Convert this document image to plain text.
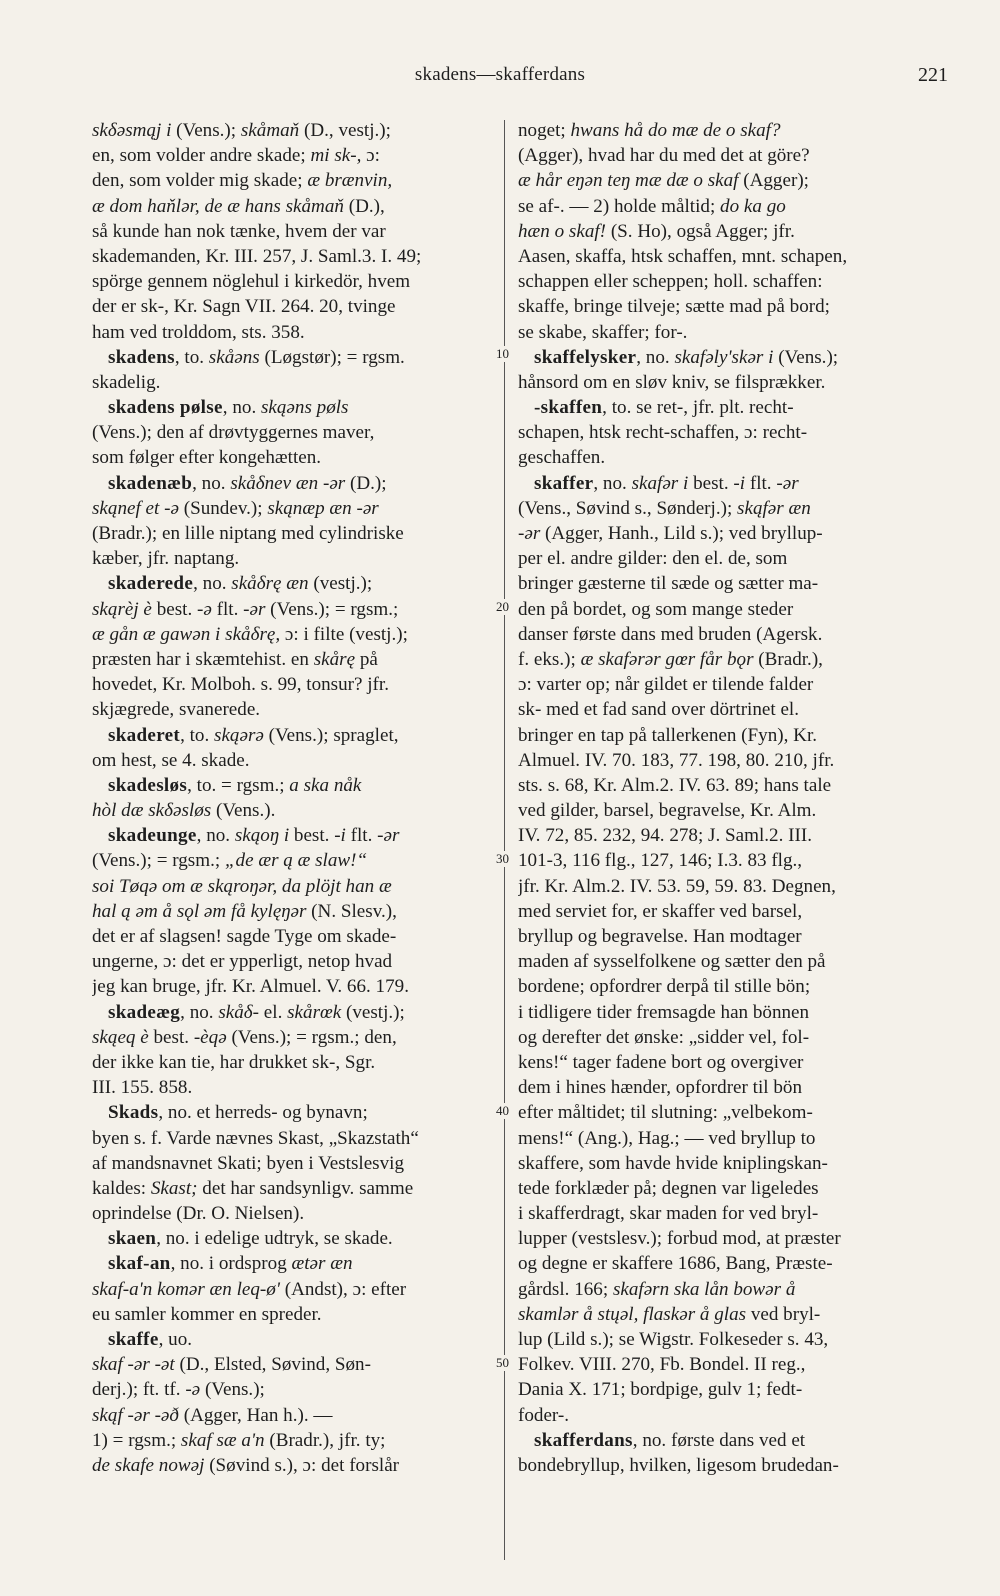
skadens—skafferdans	221
skδəsmąj i (Vens.); skåmaň (D., vestj.);
en, som volder andre skade; mi sk-, ɔ:
den, som volder mig skade; æ brænvin,
æ dom haňlər, de æ hans skåmaň (D.),
så kunde han nok tænke, hvem der var
skademanden, Kr. III. 257, J. Saml.3. I. 49;
spörge gennem nöglehul i kirkedör, hvem
der er sk-, Kr. Sagn VII. 264. 20, tvinge
ham ved trolddom, sts. 358.
skadens, to. skåəns (Løgstør); = rgsm.
skadelig.
skadens pølse, no. skąəns pøls
(Vens.); den af drøvtyggernes maver,
som følger efter kongehætten.
skadenæb, no. skåδnev æn -ər (D.);
skąnef et -ə (Sundev.); skąnæp æn -ər
(Bradr.); en lille niptang med cylindriske
kæber, jfr. naptang.
skaderede, no. skåδrę æn (vestj.);
skąrèj è best. -ə flt. -ər (Vens.); = rgsm.;
æ gån æ gawən i skåδrę, ɔ: i filte (vestj.);
præsten har i skæmtehist. en skårę på
hovedet, Kr. Molboh. s. 99, tonsur? jfr.
skjægrede, svanerede.
skaderet, to. skąərə (Vens.); spraglet,
om hest, se 4. skade.
skadesløs, to. = rgsm.; a ska nåk
hòl dæ skδəsløs (Vens.).
skadeunge, no. skąoŋ i best. -i flt. -ər
(Vens.); = rgsm.; „de ær ą æ slaw!“
soi Tøqə om æ skąroŋər, da plöjt han æ
hal ą əm å sǫl əm få kylęŋər (N. Slesv.),
det er af slagsen! sagde Tyge om skade-
ungerne, ɔ: det er ypperligt, netop hvad
jeg kan bruge, jfr. Kr. Almuel. V. 66. 179.
skadeæg, no. skåδ- el. skårœk (vestj.);
skąeq è best. -èqə (Vens.); = rgsm.; den,
der ikke kan tie, har drukket sk-, Sgr.
III. 155. 858.
Skads, no. et herreds- og bynavn;
byen s. f. Varde nævnes Skast, „Skazstath“
af mandsnavnet Skati; byen i Vestslesvig
kaldes: Skast; det har sandsynligv. samme
oprindelse (Dr. O. Nielsen).
skaen, no. i edelige udtryk, se skade.
skaf-an, no. i ordsprog ætər æn
skaf-a'n komər æn leq-ø' (Andst), ɔ: efter
eu samler kommer en spreder.
skaffe, uo.
skaf -ər -ət (D., Elsted, Søvind, Søn-
derj.); ft. tf. -ə (Vens.);
skąf -ər -əð (Agger, Han h.). —
1) = rgsm.; skaf sæ a'n (Bradr.), jfr. ty;
de skafe nowəj (Søvind s.), ɔ: det forslår
noget; hwans hå do mæ de o skaf?
(Agger), hvad har du med det at göre?
æ hår eŋən teŋ mæ dæ o skaf (Agger);
se af-. — 2) holde måltid; do ka go
hæn o skaf! (S. Ho), også Agger; jfr.
Aasen, skaffa, htsk schaffen, mnt. schapen,
schappen eller scheppen; holl. schaffen:
skaffe, bringe tilveje; sætte mad på bord;
se skabe, skaffer; for-.
skaffelysker, no. skafəly'skər i (Vens.);
hånsord om en sløv kniv, se filsprækker.
-skaffen, to. se ret-, jfr. plt. recht-
schapen, htsk recht-schaffen, ɔ: recht-
geschaffen.
skaffer, no. skafər i best. -i flt. -ər
(Vens., Søvind s., Sønderj.); skąfər æn
-ər (Agger, Hanh., Lild s.); ved bryllup-
per el. andre gilder: den el. de, som
bringer gæsterne til sæde og sætter ma-
den på bordet, og som mange steder
danser første dans med bruden (Agersk.
f. eks.); æ skafərər gœr får bǫr (Bradr.),
ɔ: varter op; når gildet er tilende falder
sk- med et fad sand over dörtrinet el.
bringer en tap på tallerkenen (Fyn), Kr.
Almuel. IV. 70. 183, 77. 198, 80. 210, jfr.
sts. s. 68, Kr. Alm.2. IV. 63. 89; hans tale
ved gilder, barsel, begravelse, Kr. Alm.
IV. 72, 85. 232, 94. 278; J. Saml.2. III.
101-3, 116 flg., 127, 146; I.3. 83 flg.,
jfr. Kr. Alm.2. IV. 53. 59, 59. 83. Degnen,
med serviet for, er skaffer ved barsel,
bryllup og begravelse. Han modtager
maden af sysselfolkene og sætter den på
bordene; opfordrer derpå til stille bön;
i tidligere tider fremsagde han bönnen
og derefter det ønske: „sidder vel, fol-
kens!“ tager fadene bort og overgiver
dem i hines hænder, opfordrer til bön
efter måltidet; til slutning: „velbekom-
mens!“ (Ang.), Hag.; — ved bryllup to
skaffere, som havde hvide kniplingskan-
tede forklæder på; degnen var ligeledes
i skafferdragt, skar maden for ved bryl-
lupper (vestslesv.); forbud mod, at præster
og degne er skaffere 1686, Bang, Præste-
gårdsl. 166; skafərn ska lån bowər å
skamlər å stųəl, flaskər å glas ved bryl-
lup (Lild s.); se Wigstr. Folkeseder s. 43,
Folkev. VIII. 270, Fb. Bondel. II reg.,
Dania X. 171; bordpige, gulv 1; fedt-
foder-.
skafferdans, no. første dans ved et
bondebryllup, hvilken, ligesom brudedan-
10
20
30
40
50
